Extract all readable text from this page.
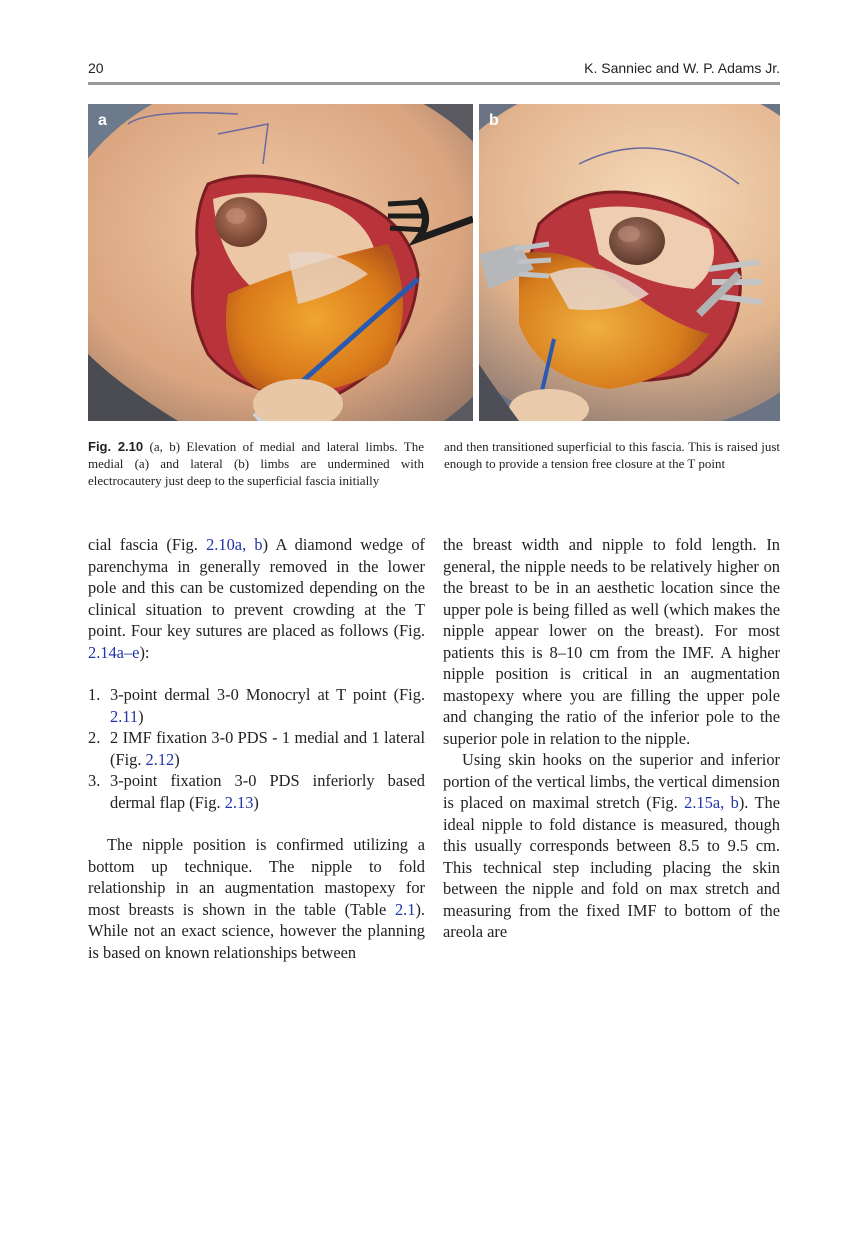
20	K. Sanniec and W. P. Adams Jr.
a	b
Fig. 2.10 (a, b) Elevation of medial and lateral limbs. The medial (a) and lateral (b) limbs are undermined with electrocautery just deep to the superficial fascia initially
and then transitioned superficial to this fascia. This is raised just enough to provide a tension free closure at the T point

cial fascia (Fig. 2.10a, b) A diamond wedge of parenchyma in generally removed in the lower pole and this can be customized depending on the clinical situation to prevent crowding at the T point. Four key sutures are placed as follows (Fig. 2.14a–e):

1. 3-point dermal 3-0 Monocryl at T point (Fig. 2.11)
2. 2 IMF fixation 3-0 PDS - 1 medial and 1 lateral (Fig. 2.12)
3. 3-point fixation 3-0 PDS inferiorly based dermal flap (Fig. 2.13)

The nipple position is confirmed utilizing a bottom up technique. The nipple to fold relationship in an augmentation mastopexy for most breasts is shown in the table (Table 2.1). While not an exact science, however the planning is based on known relationships between

the breast width and nipple to fold length. In general, the nipple needs to be relatively higher on the breast to be in an aesthetic location since the upper pole is being filled as well (which makes the nipple appear lower on the breast). For most patients this is 8–10 cm from the IMF. A higher nipple position is critical in an augmentation mastopexy where you are filling the upper pole and changing the ratio of the inferior pole to the superior pole in relation to the nipple.

Using skin hooks on the superior and inferior portion of the vertical limbs, the vertical dimension is placed on maximal stretch (Fig. 2.15a, b). The ideal nipple to fold distance is measured, though this usually corresponds between 8.5 to 9.5 cm. This technical step including placing the skin between the nipple and fold on max stretch and measuring from the fixed IMF to bottom of the areola are
